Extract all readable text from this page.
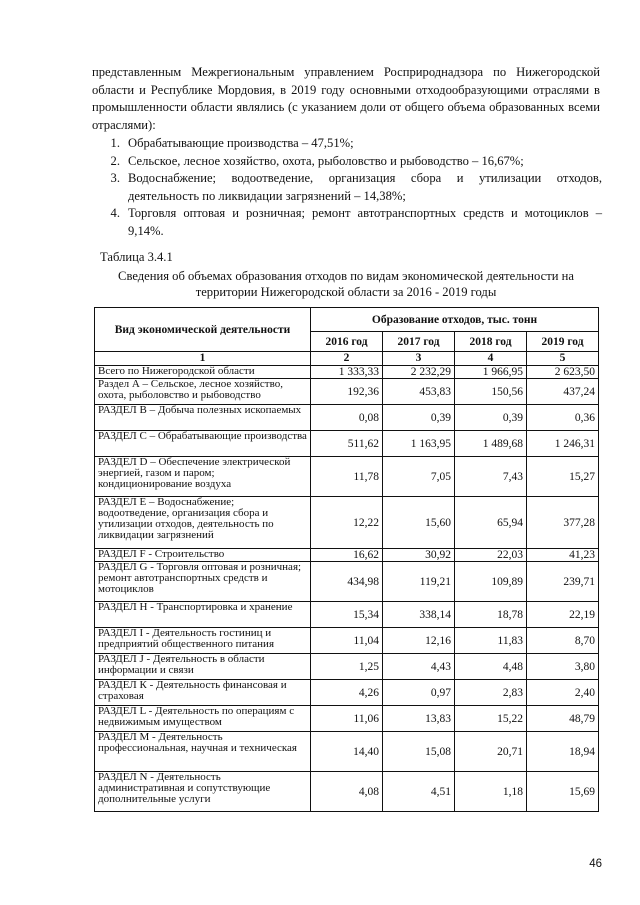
представленным Межрегиональным управлением Росприроднадзора по Нижегородской области и Республике Мордовия, в 2019 году основными отходообразующими отраслями в промышленности области являлись (с указанием доли от общего объема образованных всеми отраслями):

1. Обрабатывающие производства – 47,51%;
2. Сельское, лесное хозяйство, охота, рыболовство и рыбоводство – 16,67%;
3. Водоснабжение; водоотведение, организация сбора и утилизации отходов, деятельность по ликвидации загрязнений – 14,38%;
4. Торговля оптовая и розничная; ремонт автотранспортных средств и мотоциклов – 9,14%.

Таблица 3.4.1

Сведения об объемах образования отходов по видам экономической деятельности на территории Нижегородской области за 2016 - 2019 годы

Вид экономической деятельности	Образование отходов, тыс. тонн			
	2016 год	2017 год	2018 год	2019 год
1	2	3	4	5
Всего по Нижегородской области	1 333,33	2 232,29	1 966,95	2 623,50
Раздел А – Сельское, лесное хозяйство, охота, рыболовство и рыбоводство	192,36	453,83	150,56	437,24
РАЗДЕЛ В – Добыча полезных ископаемых	0,08	0,39	0,39	0,36
РАЗДЕЛ С – Обрабатывающие производства	511,62	1 163,95	1 489,68	1 246,31
РАЗДЕЛ D – Обеспечение электрической энергией, газом и паром; кондиционирование воздуха	11,78	7,05	7,43	15,27
РАЗДЕЛ Е – Водоснабжение; водоотведение, организация сбора и утилизации отходов, деятельность по ликвидации загрязнений	12,22	15,60	65,94	377,28
РАЗДЕЛ F - Строительство	16,62	30,92	22,03	41,23
РАЗДЕЛ G - Торговля оптовая и розничная; ремонт автотранспортных средств и мотоциклов	434,98	119,21	109,89	239,71
РАЗДЕЛ Н - Транспортировка и хранение	15,34	338,14	18,78	22,19
РАЗДЕЛ I - Деятельность гостиниц и предприятий общественного питания	11,04	12,16	11,83	8,70
РАЗДЕЛ J - Деятельность в области информации и связи	1,25	4,43	4,48	3,80
РАЗДЕЛ К - Деятельность финансовая и страховая	4,26	0,97	2,83	2,40
РАЗДЕЛ L - Деятельность по операциям с недвижимым имуществом	11,06	13,83	15,22	48,79
РАЗДЕЛ М - Деятельность профессиональная, научная и техническая	14,40	15,08	20,71	18,94
РАЗДЕЛ N - Деятельность административная и сопутствующие дополнительные услуги	4,08	4,51	1,18	15,69
46
